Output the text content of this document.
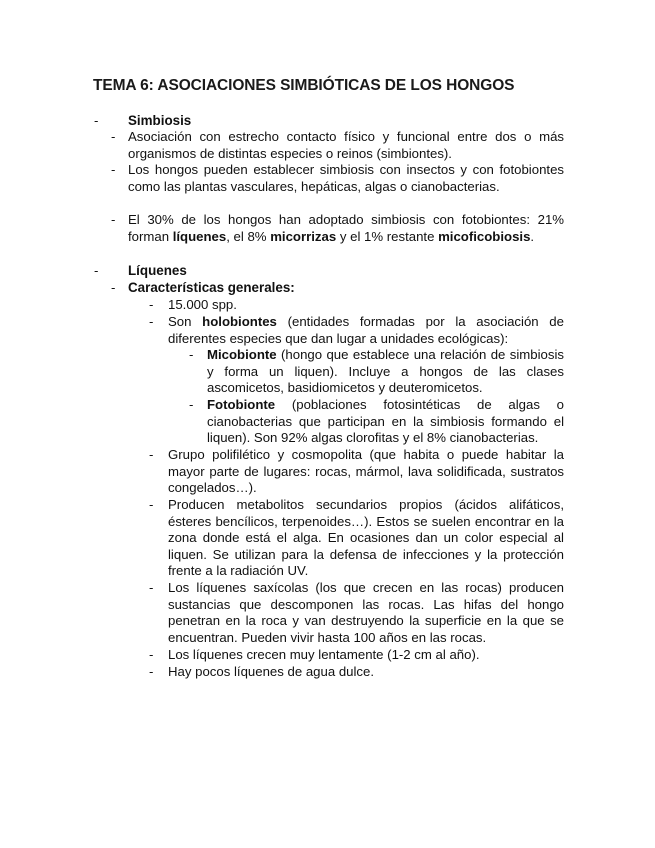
TEMA 6: ASOCIACIONES SIMBIÓTICAS DE LOS HONGOS
-	Simbiosis
- Asociación con estrecho contacto físico y funcional entre dos o más organismos de distintas especies o reinos (simbiontes).
- Los hongos pueden establecer simbiosis con insectos y con fotobiontes como las plantas vasculares, hepáticas, algas o cianobacterias.
- El 30% de los hongos han adoptado simbiosis con fotobiontes: 21% forman líquenes, el 8% micorrizas y el 1% restante micoficobiosis.
-	Líquenes
- Características generales:
-	15.000 spp.
-	Son holobiontes (entidades formadas por la asociación de diferentes especies que dan lugar a unidades ecológicas):
-	Micobionte (hongo que establece una relación de simbiosis y forma un liquen). Incluye a hongos de las clases ascomicetos, basidiomicetos y deuteromicetos.
-	Fotobionte (poblaciones fotosintéticas de algas o cianobacterias que participan en la simbiosis formando el liquen). Son 92% algas clorofitas y el 8% cianobacterias.
-	Grupo polifilético y cosmopolita (que habita o puede habitar la mayor parte de lugares: rocas, mármol, lava solidificada, sustratos congelados…).
-	Producen metabolitos secundarios propios (ácidos alifáticos, ésteres bencílicos, terpenoides…). Estos se suelen encontrar en la zona donde está el alga. En ocasiones dan un color especial al liquen. Se utilizan para la defensa de infecciones y la protección frente a la radiación UV.
-	Los líquenes saxícolas (los que crecen en las rocas) producen sustancias que descomponen las rocas. Las hifas del hongo penetran en la roca y van destruyendo la superficie en la que se encuentran. Pueden vivir hasta 100 años en las rocas.
-	Los líquenes crecen muy lentamente (1-2 cm al año).
-	Hay pocos líquenes de agua dulce.
